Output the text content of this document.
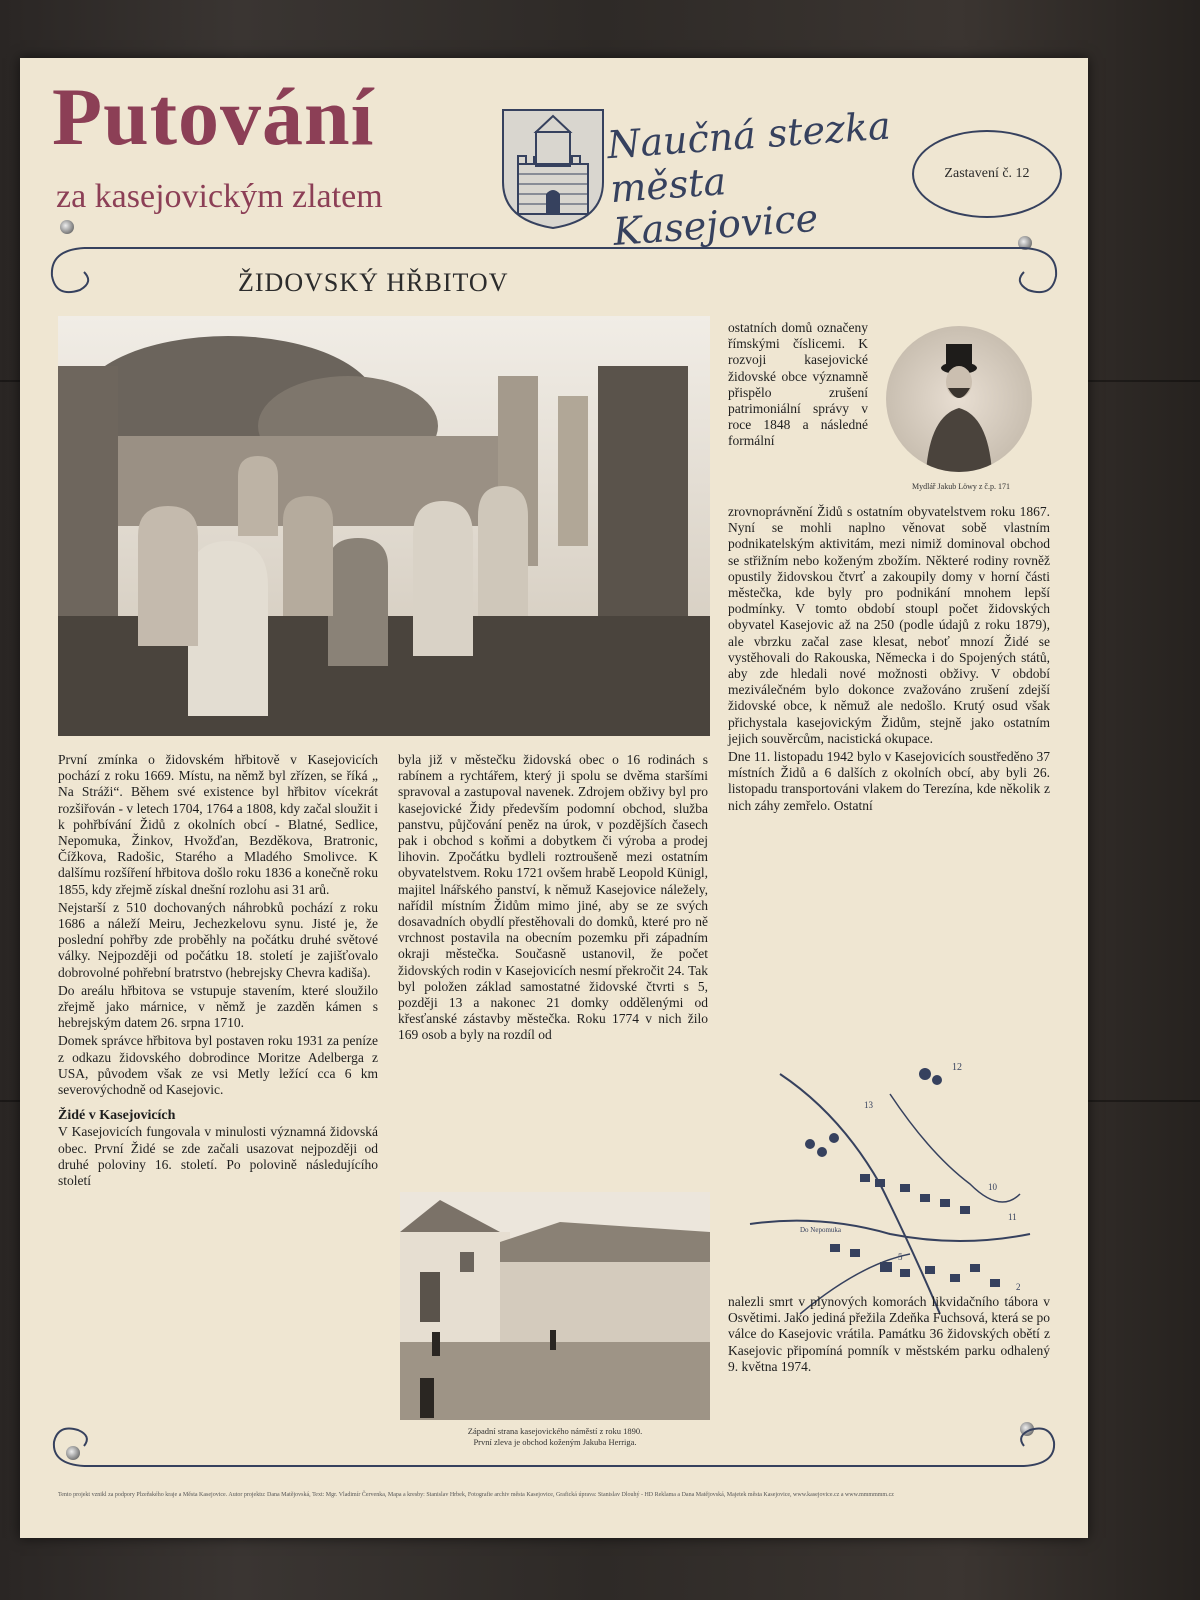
Putování
za kasejovickým zlatem
Naučná stezka
města Kasejovice
Zastavení č. 12
ŽIDOVSKÝ HŘBITOV
Mydlář Jakub Löwy z č.p. 171

První zmínka o židovském hřbitově v Kasejovicích pochází z roku 1669. Místu, na němž byl zřízen, se říká „ Na Stráži“. Během své existence byl hřbitov vícekrát rozšiřován - v letech 1704, 1764 a 1808, kdy začal sloužit i k pohřbívání Židů z okolních obcí - Blatné, Sedlice, Nepomuka, Žinkov, Hvožďan, Bezděkova, Bratronic, Čížkova, Radošic, Starého a Mladého Smolivce. K dalšímu rozšíření hřbitova došlo roku 1836 a konečně roku 1855, kdy zřejmě získal dnešní rozlohu asi 31 arů.

Nejstarší z 510 dochovaných náhrobků pochází z roku 1686 a náleží Meiru, Jechezkelovu synu. Jisté je, že poslední pohřby zde proběhly na počátku druhé světové války. Nejpozději od počátku 18. století je zajišťovalo dobrovolné pohřební bratrstvo (hebrejsky Chevra kadiša).

Do areálu hřbitova se vstupuje stavením, které sloužilo zřejmě jako márnice, v němž je zazděn kámen s hebrejským datem 26. srpna 1710.

Domek správce hřbitova byl postaven roku 1931 za peníze z odkazu židovského dobrodince Moritze Adelberga z USA, původem však ze vsi Metly ležící cca 6 km severovýchodně od Kasejovic.

Židé v Kasejovicích

V Kasejovicích fungovala v minulosti významná židovská obec. První Židé se zde začali usazovat nejpozději od druhé poloviny 16. století. Po polovině následujícího století

byla již v městečku židovská obec o 16 rodinách s rabínem a rychtářem, který ji spolu se dvěma staršími spravoval a zastupoval navenek. Zdrojem obživy byl pro kasejovické Židy především podomní obchod, služba panstvu, půjčování peněz na úrok, v pozdějších časech pak i obchod s koňmi a dobytkem či výroba a prodej lihovin. Zpočátku bydleli roztroušeně mezi ostatním obyvatelstvem. Roku 1721 ovšem hrabě Leopold Künigl, majitel lnářského panství, k němuž Kasejovice náležely, nařídil místním Židům mimo jiné, aby se ze svých dosavadních obydlí přestěhovali do domků, které pro ně vrchnost postavila na obecním pozemku při západním okraji městečka. Současně ustanovil, že počet židovských rodin v Kasejovicích nesmí překročit 24. Tak byl položen základ samostatné židovské čtvrti s 5, později 13 a nakonec 21 domky oddělenými od křesťanské zástavby městečka. Roku 1774 v nich žilo 169 osob a byly na rozdíl od

Západní strana kasejovického náměstí z roku 1890.
První zleva je obchod koženým Jakuba Herriga.

ostatních domů označeny římskými číslicemi. K rozvoji kasejovické židovské obce významně přispělo zrušení patrimoniální správy v roce 1848 a následné formální

zrovnoprávnění Židů s ostatním obyvatelstvem roku 1867. Nyní se mohli naplno věnovat sobě vlastním podnikatelským aktivitám, mezi nimiž dominoval obchod se střižním nebo koženým zbožím. Některé rodiny rovněž opustily židovskou čtvrť a zakoupily domy v horní části městečka, kde byly pro podnikání mnohem lepší podmínky. V tomto období stoupl počet židovských obyvatel Kasejovic až na 250 (podle údajů z roku 1879), ale vbrzku začal zase klesat, neboť mnozí Židé se vystěhovali do Rakouska, Německa i do Spojených států, aby zde hledali nové možnosti obživy. V období meziválečném bylo dokonce zvažováno zrušení zdejší židovské obce, k němuž ale nedošlo. Krutý osud však přichystala kasejovickým Židům, stejně jako ostatním jejich souvěrcům, nacistická okupace.

Dne 11. listopadu 1942 bylo v Kasejovicích soustředěno 37 místních Židů a 6 dalších z okolních obcí, aby byli 26. listopadu transportováni vlakem do Terezína, kde několik z nich záhy zemřelo. Ostatní

12
13
10
11
5
2
Do Nepomuka

nalezli smrt v plynových komorách likvidačního tábora v Osvětimi. Jako jediná přežila Zdeňka Fuchsová, která se po válce do Kasejovic vrátila. Památku 36 židovských obětí z Kasejovic připomíná pomník v městském parku odhalený 9. května 1974.

Tento projekt vznikl za podpory Plzeňského kraje a Města Kasejovice. Autor projektu: Dana Matějovská, Text: Mgr. Vladimír Červenka, Mapa a kresby: Stanislav Hrbek, Fotografie archiv města Kasejovice, Grafická úprava: Stanislav Dlouhý - HD Reklama a Dana Matějovská, Majetek města Kasejovice, www.kasejovice.cz a www.mmmmmm.cz
